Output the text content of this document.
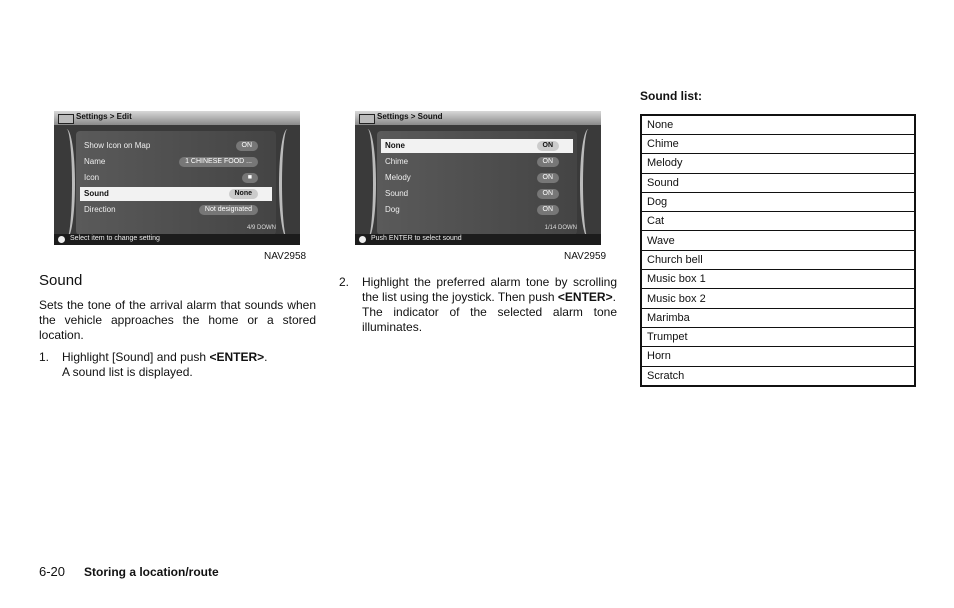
Settings > Edit
Show Icon on Map	ON
Name	1 CHINESE FOOD ...
Icon	■
Sound	None
Direction	Not designated
4/9 DOWN
Select item to change setting
NAV2958
Settings > Sound
None	ON
Chime	ON
Melody	ON
Sound	ON
Dog	ON
1/14 DOWN
Push ENTER to select sound
NAV2959
Sound
Sets the tone of the arrival alarm that sounds when the vehicle approaches the home or a stored location.
1. Highlight [Sound] and push <ENTER>.
A sound list is displayed.
2. Highlight the preferred alarm tone by scrolling the list using the joystick. Then push <ENTER>.
The indicator of the selected alarm tone illuminates.
Sound list:
None
Chime
Melody
Sound
Dog
Cat
Wave
Church bell
Music box 1
Music box 2
Marimba
Trumpet
Horn
Scratch
6-20 Storing a location/route
